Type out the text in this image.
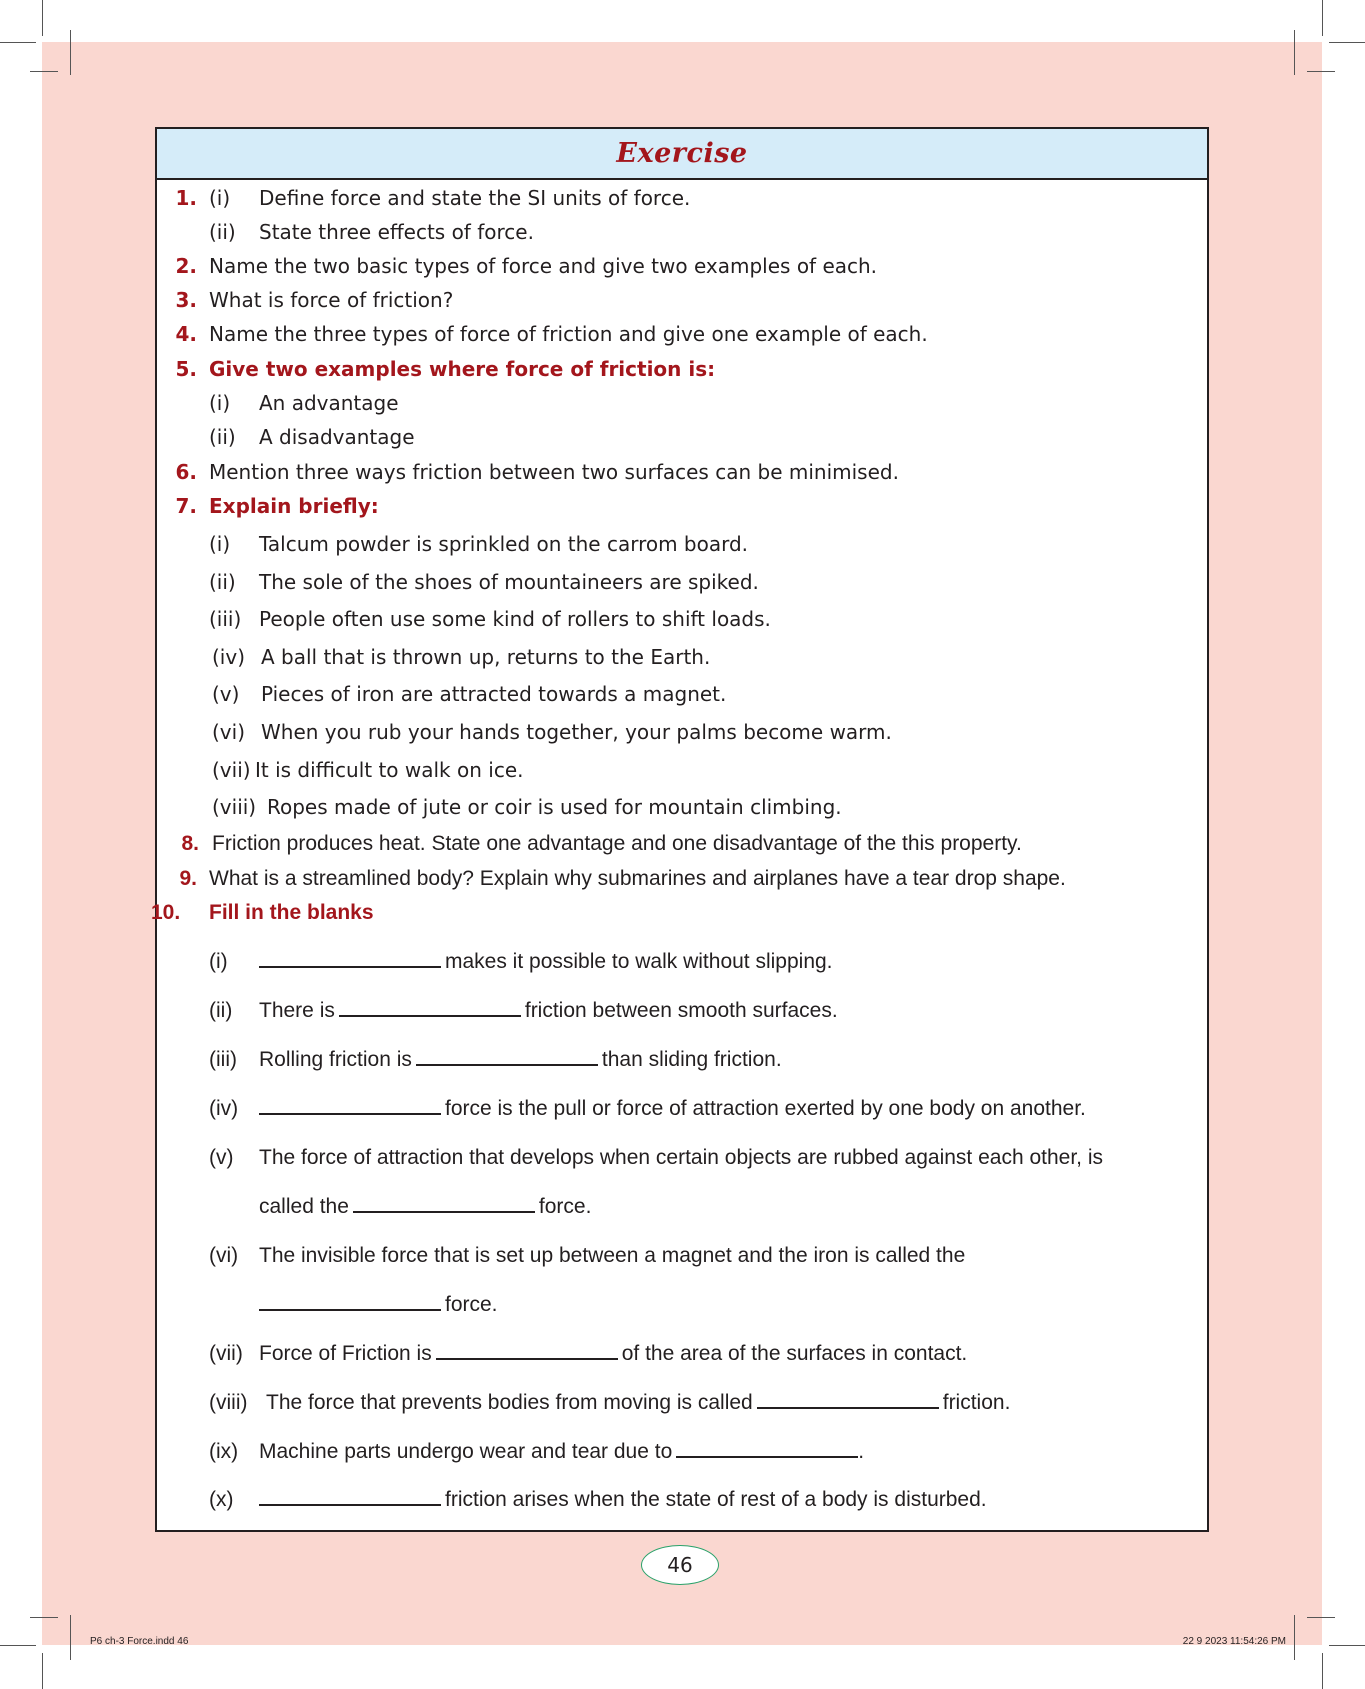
Exercise
1. (i) Define force and state the SI units of force.
(ii) State three effects of force.
2. Name the two basic types of force and give two examples of each.
3. What is force of friction?
4. Name the three types of force of friction and give one example of each.
5. Give two examples where force of friction is:
(i) An advantage
(ii) A disadvantage
6. Mention three ways friction between two surfaces can be minimised.
7. Explain briefly:
(i) Talcum powder is sprinkled on the carrom board.
(ii) The sole of the shoes of mountaineers are spiked.
(iii) People often use some kind of rollers to shift loads.
(iv) A ball that is thrown up, returns to the Earth.
(v) Pieces of iron are attracted towards a magnet.
(vi) When you rub your hands together, your palms become warm.
(vii) It is difficult to walk on ice.
(viii) Ropes made of jute or coir is used for mountain climbing.
8. Friction produces heat. State one advantage and one disadvantage of the this property.
9. What is a streamlined body? Explain why submarines and airplanes have a tear drop shape.
10.	Fill in the blanks
(i)	makes it possible to walk without slipping.
(ii) There is	friction between smooth surfaces.
(iii) Rolling friction is	than sliding friction.
(iv)	force is the pull or force of attraction exerted by one body on another.
(v) The force of attraction that develops when certain objects are rubbed against each other, is
called the	force.
(vi) The invisible force that is set up between a magnet and the iron is called the
force.
(vii) Force of Friction is	of the area of the surfaces in contact.
(viii) The force that prevents bodies from moving is called	friction.
(ix) Machine parts undergo wear and tear due to	.
(x)	friction arises when the state of rest of a body is disturbed.
46
P6 ch-3 Force.indd 46	22 9 2023 11:54:26 PM
